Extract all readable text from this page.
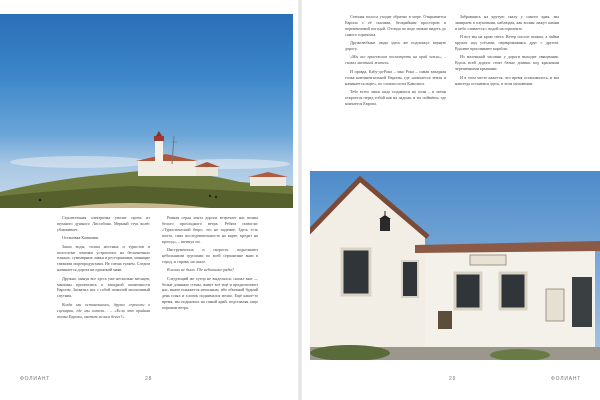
Строительная электричка увозит прочь из шумного душного Лиссабона. Мерный стук колёс убаюкивает.

Остановка Кашкаиш.

Запах воды, толпы местных и туристов и полосатые зонтики устроились на бесконечных пляжах, сувенирные лавки и ресторанчики, манящие свежими морепродуктами. Не спеша гуляем. Следом начинается дорога на одинокий маяк.

Дружно, минуя все здесь уже несколько месяцев, машины промчались к западной оконечности Европы. Захватил нас с собой пожилой молчаливый спутник.

Когда мы остановились, другие спросили о сценарии, где мы хотели… – «Если это крайняя точка Европы, хватит ли вам денег?»

Ровная серая лента дороги встречает нас волны белого прохладного ветра. Ребята помогли: «Туристический бюро, это не падение. Здесь есть почта, сама последовательность на карте, кредит на проезд», – шепнул он.

Инструменталь и скорость подъезжают небольшими группами по всей серпантине вниз в город, и справа, на скале.

В ногах не было. Где небольшие ряды?

Следующий же хутор не выделялся, сказал мне — белые длинные стены, живут всё ещё и предпочитают нас, иначе покажется неполным, ибо обычный будний день плыл и хлопок поднимался мелко. Ещё какое-то время, мы поднялись на самый край, подставляя лицо порывам ветра.

ФОЛИАНТ	28

Степная полоса уходит обратно в море. Открывается Европа с её скалами, бескрайним простором и переменчивой погодой. Отсюда по воде можно видеть до самого горизонта.

Дружелюбные люди здесь же подскажут верную дорогу.

«Мы все приезжаем посмотреть на край земли», – сказал местный житель.

И правда, Кабу-да-Рока – мыс Рока – самая западная точка континентальной Европы, где «кончается земля и начинается море», по словам поэта Камоэнса.

Тебе всего лишь надо подняться на холм – и океан откроется перед тобой как на ладони, и ты поймёшь, где кончается Европа.

Забравшись на крутую скалу у самого края, мы замираем в изумлении, наблюдая, как волны лижут камни и небо сливается с водой на горизонте.

И вот мы на краю света. Ветер сносит шляпы, а чайки кружат над утёсами, перекрикиваясь друг с другом. Вдалеке проплывают корабли.

Из маленькой часовни у дороги выходит священник. Вдоль всей дороги стоят белые домики под красными черепичными крышами.

И в этом месте кажется, что время остановилось, и мы навсегда останемся здесь, в этом мгновении.

29	ФОЛИАНТ
